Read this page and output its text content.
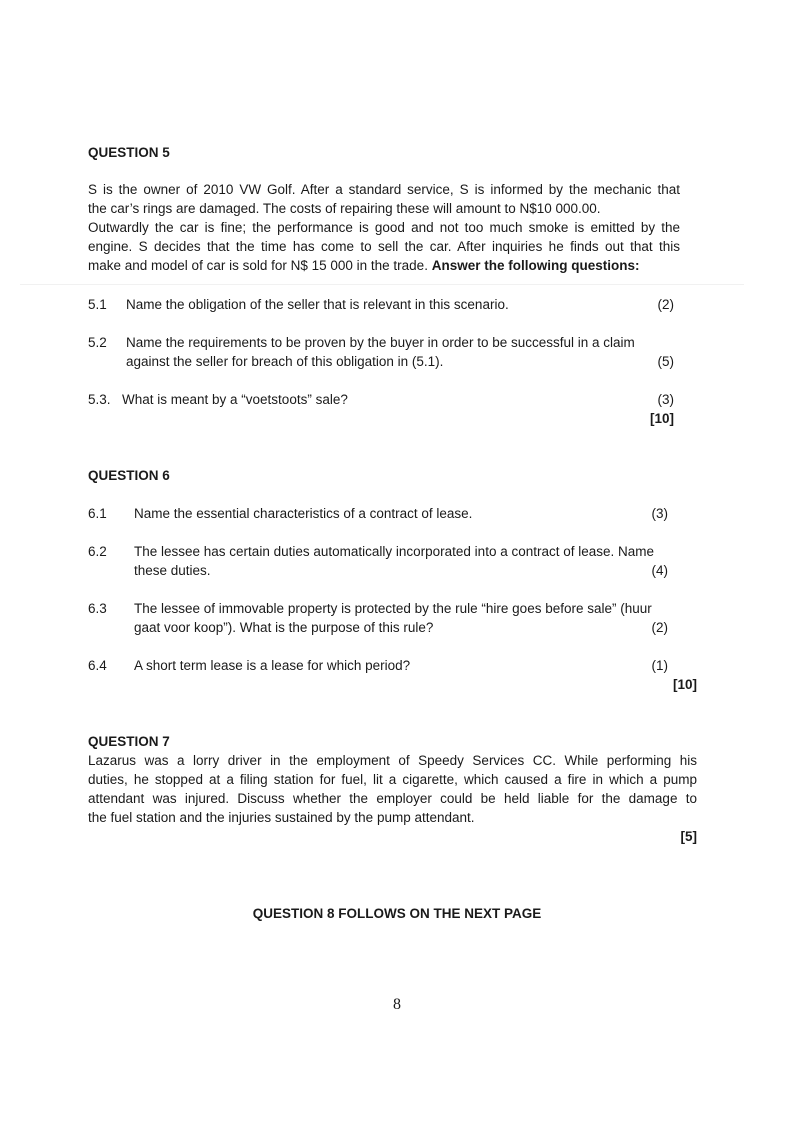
QUESTION 5
S is the owner of 2010 VW Golf. After a standard service, S is informed by the mechanic that
the car’s rings are damaged. The costs of repairing these will amount to N$10 000.00.
Outwardly the car is fine; the performance is good and not too much smoke is emitted by the
engine. S decides that the time has come to sell the car. After inquiries he finds out that this
make and model of car is sold for N$ 15 000 in the trade. Answer the following questions:
5.1 Name the obligation of the seller that is relevant in this scenario.	(2)
5.2 Name the requirements to be proven by the buyer in order to be successful in a claim
against the seller for breach of this obligation in (5.1).	(5)
5.3. What is meant by a “voetstoots” sale?	(3)
[10]
QUESTION 6
6.1 Name the essential characteristics of a contract of lease.	(3)
6.2 The lessee has certain duties automatically incorporated into a contract of lease. Name
these duties.	(4)
6.3 The lessee of immovable property is protected by the rule “hire goes before sale” (huur
gaat voor koop”). What is the purpose of this rule?	(2)
6.4 A short term lease is a lease for which period?	(1)
[10]
QUESTION 7
Lazarus was a lorry driver in the employment of Speedy Services CC. While performing his
duties, he stopped at a filing station for fuel, lit a cigarette, which caused a fire in which a pump
attendant was injured. Discuss whether the employer could be held liable for the damage to
the fuel station and the injuries sustained by the pump attendant.
[5]
QUESTION 8 FOLLOWS ON THE NEXT PAGE
8
